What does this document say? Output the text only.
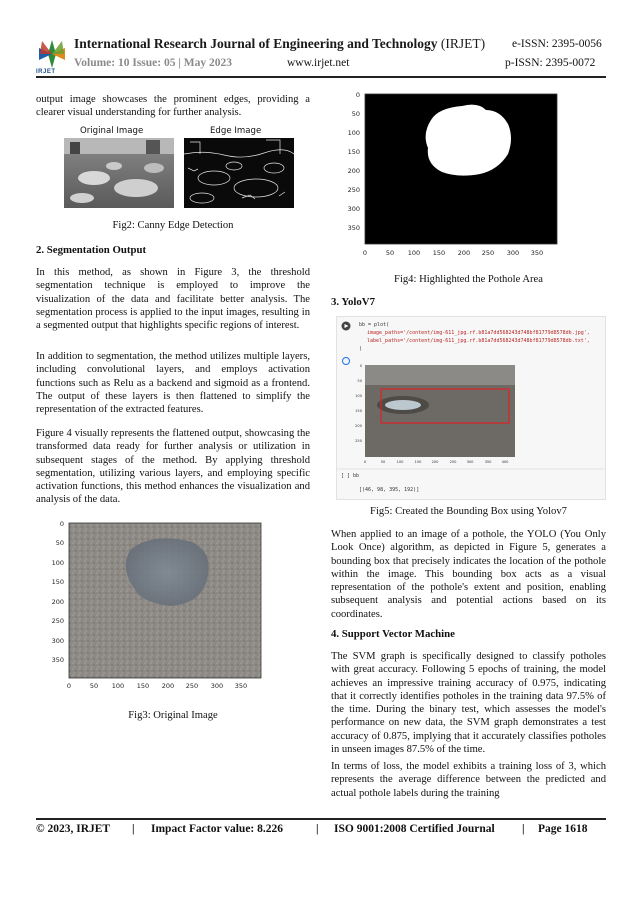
IRJET
International Research Journal of Engineering and Technology (IRJET) e-ISSN: 2395-0056
Volume: 10 Issue: 05 | May 2023	www.irjet.net	p-ISSN: 2395-0072
output image showcases the prominent edges, providing a clearer visual understanding for further analysis.
Original Image	Edge Image
Fig2: Canny Edge Detection
2. Segmentation Output
In this method, as shown in Figure 3, the threshold segmentation technique is employed to improve the visualization of the data and facilitate better analysis. The segmentation process is applied to the input images, resulting in a segmented output that highlights specific regions of interest.
In addition to segmentation, the method utilizes multiple layers, including convolutional layers, and employs activation functions such as Relu as a backend and sigmoid as a frontend. The output of these layers is then flattened to simplify the representation of the extracted features.
Figure 4 visually represents the flattened output, showcasing the transformed data ready for further analysis or utilization in subsequent stages of the method. By applying threshold segmentation, utilizing various layers, and employing specific activation functions, this method enhances the visualization and analysis of the data.
0
50
100
150
200
250
300
350
0	50 100 150 200 250 300 350
Fig3: Original Image
0
50
100
150
200
250
300
350
0	50 100 150 200 250 300 350
Fig4: Highlighted the Pothole Area
3. YoloV7
bb = plot(
image_paths='/content/img-611_jpg.rf.b81a7dd568243d748bf81779d8578db.jpg',
label_paths='/content/img-611_jpg.rf.b81a7dd568243d748bf81779d8578db.txt',
)
0
50
100
150
200
250
0	50	100	150	200	250	300	350	400
[ ] bb
[(46, 98, 395, 192)]
Fig5: Created the Bounding Box using Yolov7
When applied to an image of a pothole, the YOLO (You Only Look Once) algorithm, as depicted in Figure 5, generates a bounding box that precisely indicates the location of the pothole within the image. This bounding box acts as a visual representation of the pothole's extent and position, enabling subsequent analysis and potential actions based on its coordinates.
4. Support Vector Machine
The SVM graph is specifically designed to classify potholes with great accuracy. Following 5 epochs of training, the model achieves an impressive training accuracy of 0.975, indicating that it correctly identifies potholes in the training data 97.5% of the time. During the binary test, which assesses the model's performance on new data, the SVM graph demonstrates a test accuracy of 0.875, implying that it accurately classifies potholes in unseen images 87.5% of the time.
In terms of loss, the model exhibits a training loss of 3, which represents the average difference between the predicted and actual pothole labels during the training
© 2023, IRJET | Impact Factor value: 8.226	| ISO 9001:2008 Certified Journal | Page 1618
